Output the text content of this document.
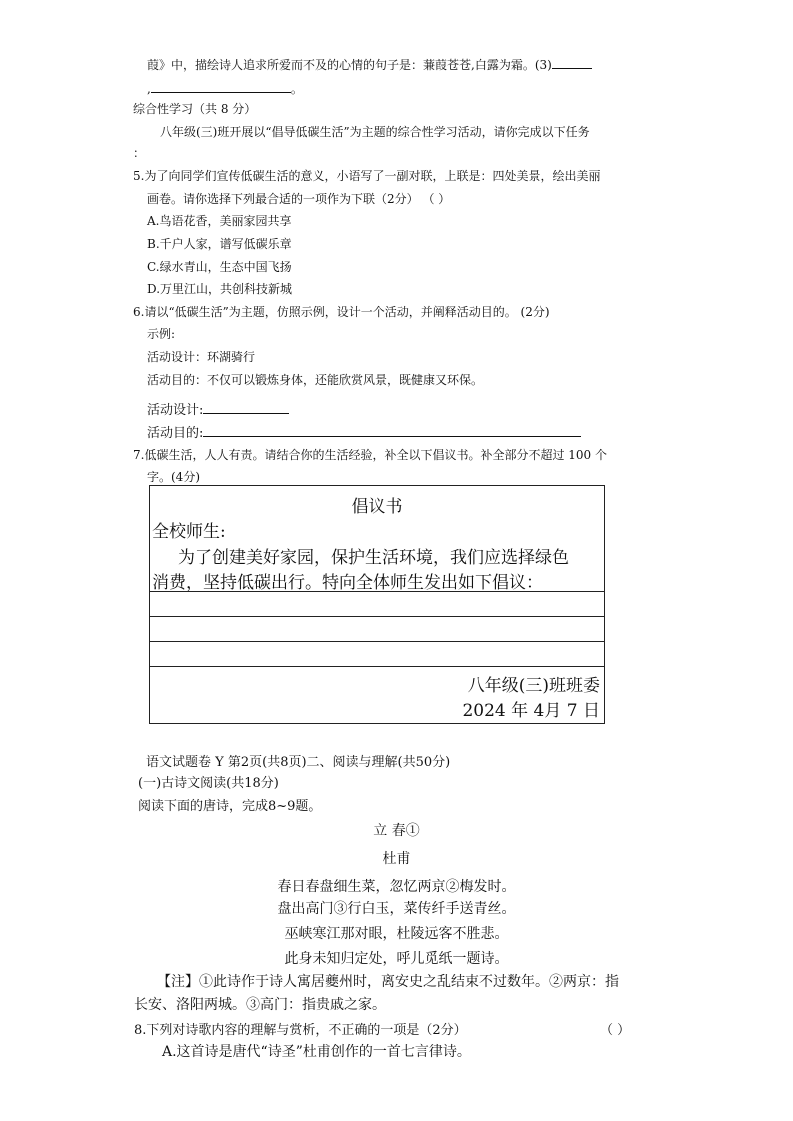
葭》中，描绘诗人追求所爱而不及的心情的句子是：蒹葭苍苍,白露为霜。(3)
,	。
综合性学习（共 8 分）
八年级(三)班开展以“倡导低碳生活”为主题的综合性学习活动，请你完成以下任务
：
5.为了向同学们宣传低碳生活的意义，小语写了一副对联，上联是：四处美景，绘出美丽
画卷。请你选择下列最合适的一项作为下联（2分） （ ）
A.鸟语花香，美丽家园共享
B.千户人家，谱写低碳乐章
C.绿水青山，生态中国飞扬
D.万里江山，共创科技新城
6.请以“低碳生活”为主题，仿照示例，设计一个活动，并阐释活动目的。 (2分)
示例:
活动设计：环湖骑行
活动目的：不仅可以锻炼身体，还能欣赏风景，既健康又环保。
活动设计:
活动目的:
7.低碳生活，人人有责。请结合你的生活经验，补全以下倡议书。补全部分不超过 100 个
字。(4分)
倡议书
全校师生:
为了创建美好家园，保护生活环境，我们应选择绿色
消费，坚持低碳出行。特向全体师生发出如下倡议：
八年级(三)班班委
2024 年 4月 7 日
语文试题卷 Y 第2页(共8页)二、阅读与理解(共50分)
(一)古诗文阅读(共18分)
阅读下面的唐诗，完成8~9题。
立 春①
杜甫
春日春盘细生菜，忽忆两京②梅发时。
盘出高门③行白玉，菜传纤手送青丝。
巫峡寒江那对眼，杜陵远客不胜悲。
此身未知归定处，呼儿觅纸一题诗。
【注】①此诗作于诗人寓居夔州时，离安史之乱结束不过数年。②两京：指
长安、洛阳两城。③高门：指贵戚之家。
8.下列对诗歌内容的理解与赏析，不正确的一项是（2分）	（ ）
A.这首诗是唐代“诗圣”杜甫创作的一首七言律诗。
